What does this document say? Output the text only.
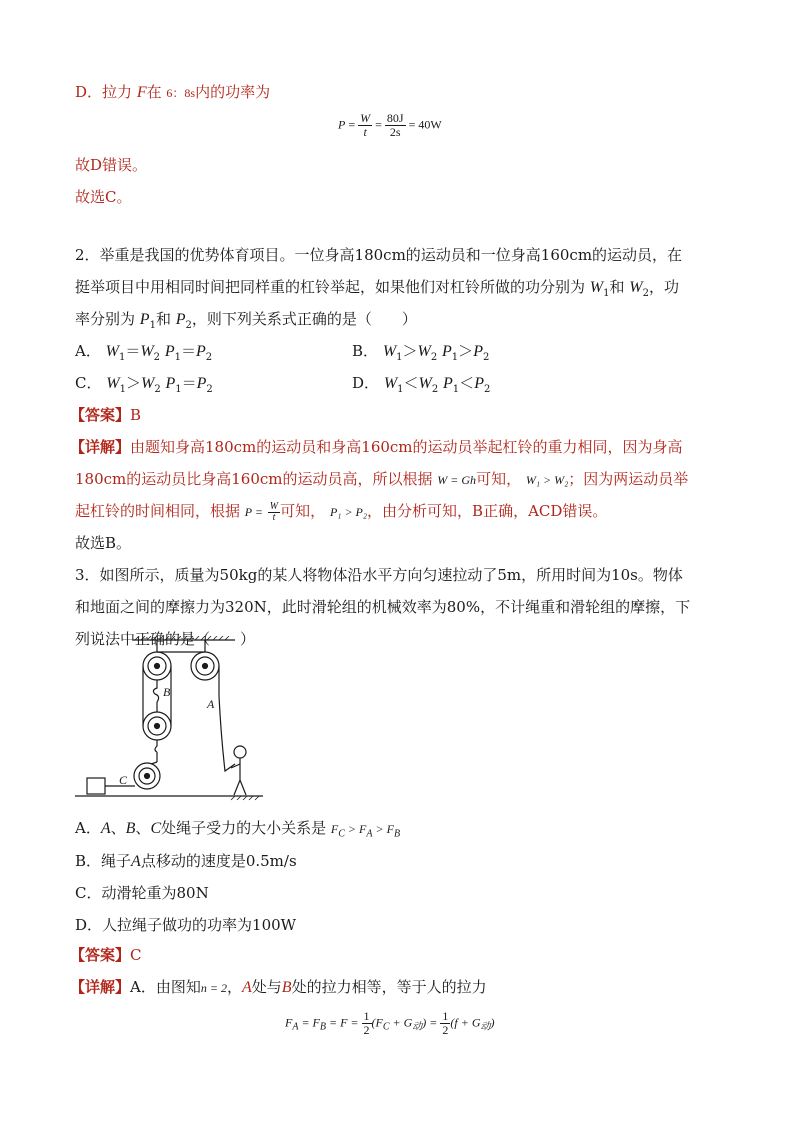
D．拉力 F在 6：8s内的功率为
$P = \frac{W}{t} = \frac{80J}{2s} = 40W$
故D错误。
故选C。
2．举重是我国的优势体育项目。一位身高180cm的运动员和一位身高160cm的运动员，在
挺举项目中用相同时间把同样重的杠铃举起，如果他们对杠铃所做的功分别为 $W_1$和 $W_2$，功
率分别为 $P_1$和 $P_2$，则下列关系式正确的是（　　）
A． $W_1=W_2$ $P_1=P_2$	B． $W_1>W_2$ $P_1>P_2$
C． $W_1>W_2$ $P_1=P_2$	D． $W_1<W_2$ $P_1<P_2$
【答案】B
【详解】由题知身高180cm的运动员和身高160cm的运动员举起杠铃的重力相同，因为身高
180cm的运动员比身高160cm的运动员高，所以根据 W = Gh可知， W₁ > W₂；因为两运动员举
起杠铃的时间相同，根据 $P = \frac{W}{t}$ 可知， P₁ > P₂，由分析可知，B正确，ACD错误。
故选B。
3．如图所示，质量为50kg的某人将物体沿水平方向匀速拉动了5m，所用时间为10s。物体
和地面之间的摩擦力为320N，此时滑轮组的机械效率为80%，不计绳重和滑轮组的摩擦，下
列说法中正确的是（　　）
B
A
C
A．A、B、C处绳子受力的大小关系是 $F_C > F_A > F_B$
B．绳子A点移动的速度是0.5m/s
C．动滑轮重为80N
D．人拉绳子做功的功率为100W
【答案】C
【详解】A．由图知n = 2，A处与B处的拉力相等，等于人的拉力
$F_A = F_B = F = \frac{1}{2} (F_C + G_动) = \frac{1}{2} (f + G_动)$
